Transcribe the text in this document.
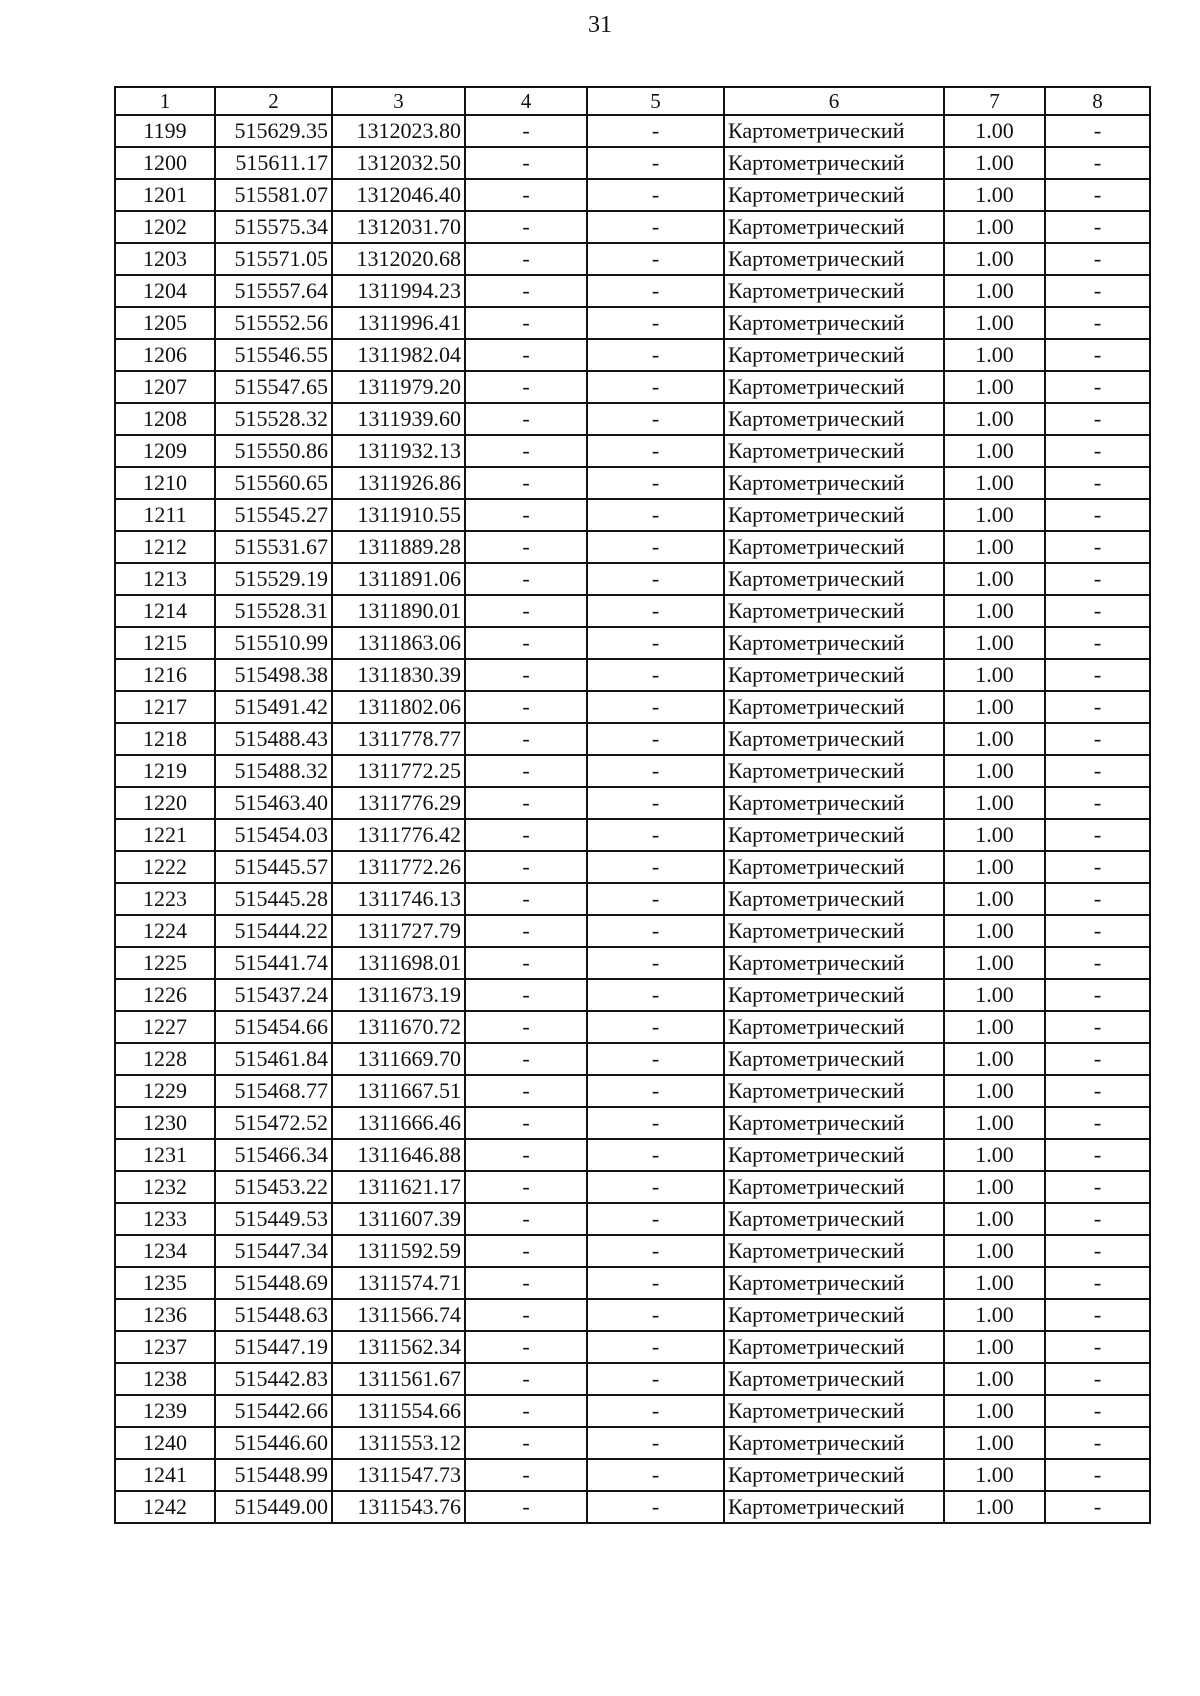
31
1	2	3	4	5	6	7	8
1199	515629.35	1312023.80	-	-	Картометрический	1.00	-
1200	515611.17	1312032.50	-	-	Картометрический	1.00	-
1201	515581.07	1312046.40	-	-	Картометрический	1.00	-
1202	515575.34	1312031.70	-	-	Картометрический	1.00	-
1203	515571.05	1312020.68	-	-	Картометрический	1.00	-
1204	515557.64	1311994.23	-	-	Картометрический	1.00	-
1205	515552.56	1311996.41	-	-	Картометрический	1.00	-
1206	515546.55	1311982.04	-	-	Картометрический	1.00	-
1207	515547.65	1311979.20	-	-	Картометрический	1.00	-
1208	515528.32	1311939.60	-	-	Картометрический	1.00	-
1209	515550.86	1311932.13	-	-	Картометрический	1.00	-
1210	515560.65	1311926.86	-	-	Картометрический	1.00	-
1211	515545.27	1311910.55	-	-	Картометрический	1.00	-
1212	515531.67	1311889.28	-	-	Картометрический	1.00	-
1213	515529.19	1311891.06	-	-	Картометрический	1.00	-
1214	515528.31	1311890.01	-	-	Картометрический	1.00	-
1215	515510.99	1311863.06	-	-	Картометрический	1.00	-
1216	515498.38	1311830.39	-	-	Картометрический	1.00	-
1217	515491.42	1311802.06	-	-	Картометрический	1.00	-
1218	515488.43	1311778.77	-	-	Картометрический	1.00	-
1219	515488.32	1311772.25	-	-	Картометрический	1.00	-
1220	515463.40	1311776.29	-	-	Картометрический	1.00	-
1221	515454.03	1311776.42	-	-	Картометрический	1.00	-
1222	515445.57	1311772.26	-	-	Картометрический	1.00	-
1223	515445.28	1311746.13	-	-	Картометрический	1.00	-
1224	515444.22	1311727.79	-	-	Картометрический	1.00	-
1225	515441.74	1311698.01	-	-	Картометрический	1.00	-
1226	515437.24	1311673.19	-	-	Картометрический	1.00	-
1227	515454.66	1311670.72	-	-	Картометрический	1.00	-
1228	515461.84	1311669.70	-	-	Картометрический	1.00	-
1229	515468.77	1311667.51	-	-	Картометрический	1.00	-
1230	515472.52	1311666.46	-	-	Картометрический	1.00	-
1231	515466.34	1311646.88	-	-	Картометрический	1.00	-
1232	515453.22	1311621.17	-	-	Картометрический	1.00	-
1233	515449.53	1311607.39	-	-	Картометрический	1.00	-
1234	515447.34	1311592.59	-	-	Картометрический	1.00	-
1235	515448.69	1311574.71	-	-	Картометрический	1.00	-
1236	515448.63	1311566.74	-	-	Картометрический	1.00	-
1237	515447.19	1311562.34	-	-	Картометрический	1.00	-
1238	515442.83	1311561.67	-	-	Картометрический	1.00	-
1239	515442.66	1311554.66	-	-	Картометрический	1.00	-
1240	515446.60	1311553.12	-	-	Картометрический	1.00	-
1241	515448.99	1311547.73	-	-	Картометрический	1.00	-
1242	515449.00	1311543.76	-	-	Картометрический	1.00	-
